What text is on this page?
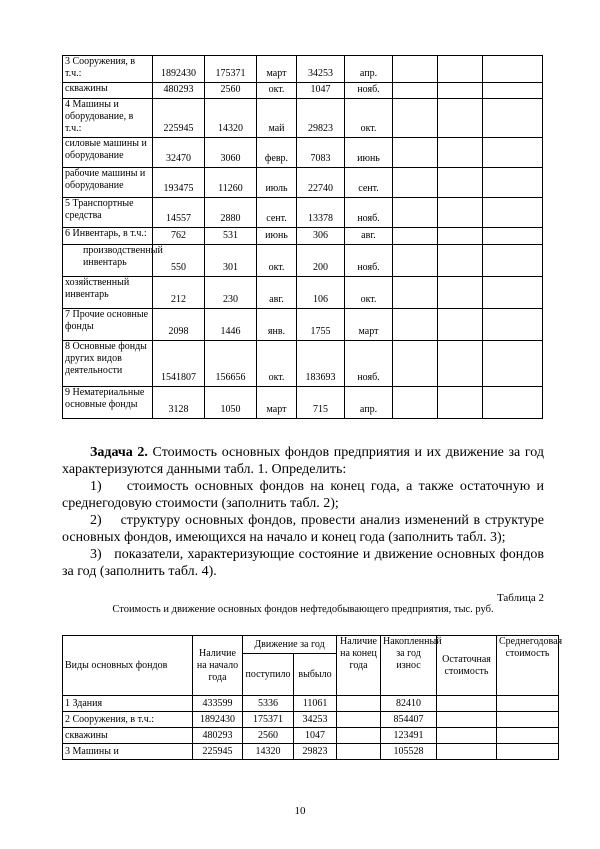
3 Сооружения, в т.ч.:	1892430	175371	март	34253	апр.			
скважины	480293	2560	окт.	1047	нояб.			
4 Машины и оборудование, в т.ч.:	225945	14320	май	29823	окт.			
силовые машины и оборудование	32470	3060	февр.	7083	июнь			
рабочие машины и оборудование	193475	11260	июль	22740	сент.			
5 Транспортные средства	14557	2880	сент.	13378	нояб.			
6 Инвентарь, в т.ч.:	762	531	июнь	306	авг.			
производственный инвентарь	550	301	окт.	200	нояб.			
хозяйственный инвентарь	212	230	авг.	106	окт.			
7 Прочие основные фонды	2098	1446	янв.	1755	март			
8 Основные фонды других видов деятельности	1541807	156656	окт.	183693	нояб.			
9 Нематериальные основные фонды	3128	1050	март	715	апр.			
Задача 2. Стоимость основных фондов предприятия и их движение за год характеризуются данными табл. 1. Определить:
1)    стоимость основных фондов на конец года, а также остаточную и среднегодовую стоимости (заполнить табл. 2);
2)    структуру основных фондов, провести анализ изменений в структуре основных фондов, имеющихся на начало и конец года (заполнить табл. 3);
3)   показатели, характеризующие состояние и движение основных фондов за год (заполнить табл. 4).
Таблица 2
Стоимость и движение основных фондов нефтедобывающего предприятия, тыс. руб.
Виды основных фондов	Наличие на начало года	Движение за год		Наличие на конец года	Накопленный за год износ	Остаточная стоимость	Среднегодовая стоимость
		поступило	выбыло				
1 Здания	433599	5336	11061		82410		
2 Сооружения, в т.ч.:	1892430	175371	34253		854407		
скважины	480293	2560	1047		123491		
3 Машины и	225945	14320	29823		105528		
10
